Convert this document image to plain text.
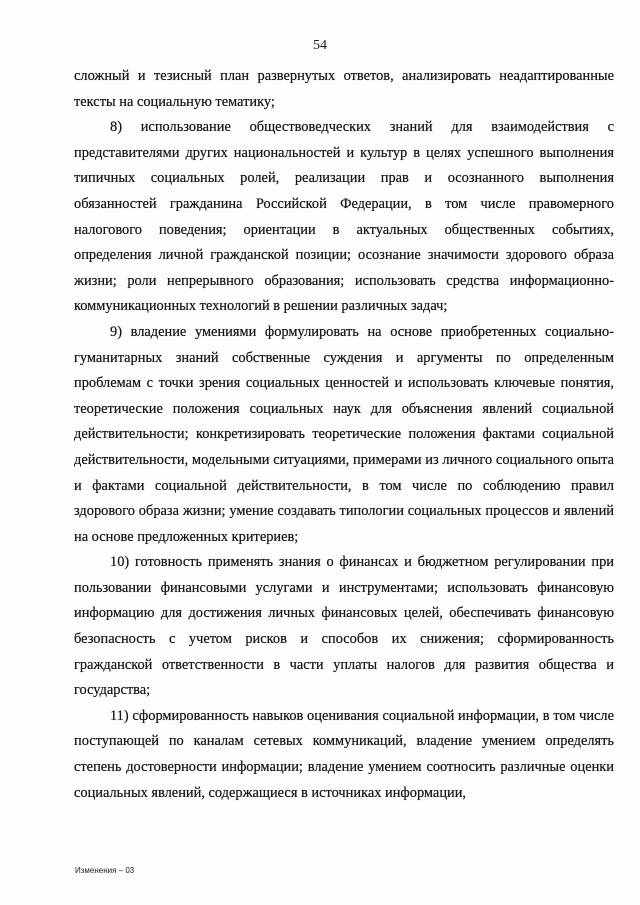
54

сложный и тезисный план развернутых ответов, анализировать неадаптированные тексты на социальную тематику;

8) использование обществоведческих знаний для взаимодействия с представителями других национальностей и культур в целях успешного выполнения типичных социальных ролей, реализации прав и осознанного выполнения обязанностей гражданина Российской Федерации, в том числе правомерного налогового поведения; ориентации в актуальных общественных событиях, определения личной гражданской позиции; осознание значимости здорового образа жизни; роли непрерывного образования; использовать средства информационно-коммуникационных технологий в решении различных задач;

9) владение умениями формулировать на основе приобретенных социально-гуманитарных знаний собственные суждения и аргументы по определенным проблемам с точки зрения социальных ценностей и использовать ключевые понятия, теоретические положения социальных наук для объяснения явлений социальной действительности; конкретизировать теоретические положения фактами социальной действительности, модельными ситуациями, примерами из личного социального опыта и фактами социальной действительности, в том числе по соблюдению правил здорового образа жизни; умение создавать типологии социальных процессов и явлений на основе предложенных критериев;

10) готовность применять знания о финансах и бюджетном регулировании при пользовании финансовыми услугами и инструментами; использовать финансовую информацию для достижения личных финансовых целей, обеспечивать финансовую безопасность с учетом рисков и способов их снижения; сформированность гражданской ответственности в части уплаты налогов для развития общества и государства;

11) сформированность навыков оценивания социальной информации, в том числе поступающей по каналам сетевых коммуникаций, владение умением определять степень достоверности информации; владение умением соотносить различные оценки социальных явлений, содержащиеся в источниках информации,

Изменения – 03
